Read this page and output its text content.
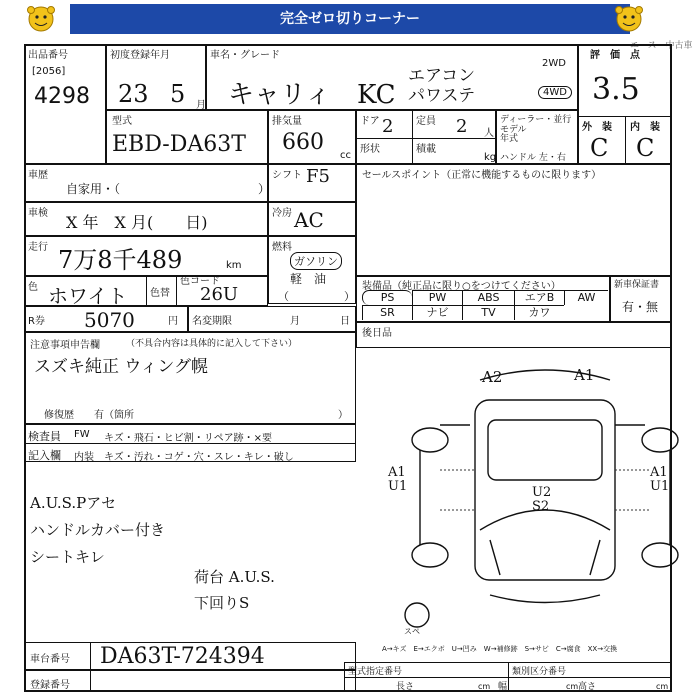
完全ゼロ切りコーナー
エース　中古車
出品番号
[2056]
4298
初度登録年月
23 5 月
車名・グレード
キャリィ　KC
エアコン
パワステ
2WD
4WD
評　価　点
3.5
外　装 内　装
C C
型式
EBD-DA63T
排気量
660
cc
ドア 2 定員 2 人
形状	積載
kg
ディーラー・並行
モデル
年式
ハンドル 左・右
車歴
自家用・（	）
シフト F5
車検 X 年　X 月(　　日)	冷房 AC
走行 7万8千489	km
燃料
ガソリン
軽　油
（　　　　　）
色 ホワイト 色替
色コード
26U
R券 5070	円 名変期限	月	日
セールスポイント（正常に機能するものに限ります）
装備品（純正品に限り○をつけてください）
PS	PW	ABS	エアB	AW
SR	ナビ	TV	カワ
新車保証書
有・無
後日品
注意事項申告欄	（不具合内容は具体的に記入して下さい）
スズキ純正 ウィング幌
修復歴　　有（箇所	）
検査員 FW キズ・飛石・ヒビ割・リペア跡・×要
記入欄 内装 キズ・汚れ・コゲ・穴・スレ・キレ・破し
A.U.S.Pアセ
ハンドルカバー付き
シートキレ
荷台 A.U.S.
下回りS
A2	A1
A1
U1	U2
S2
A1
U1
スペ
A→キズ　E→エクボ　U→凹み　W→補修跡　S→サビ　C→腐食　XX→交換
車台番号 DA63T-724394
登録番号
型式指定番号	類別区分番号
長さ	cm 幅	cm 高さ	cm
